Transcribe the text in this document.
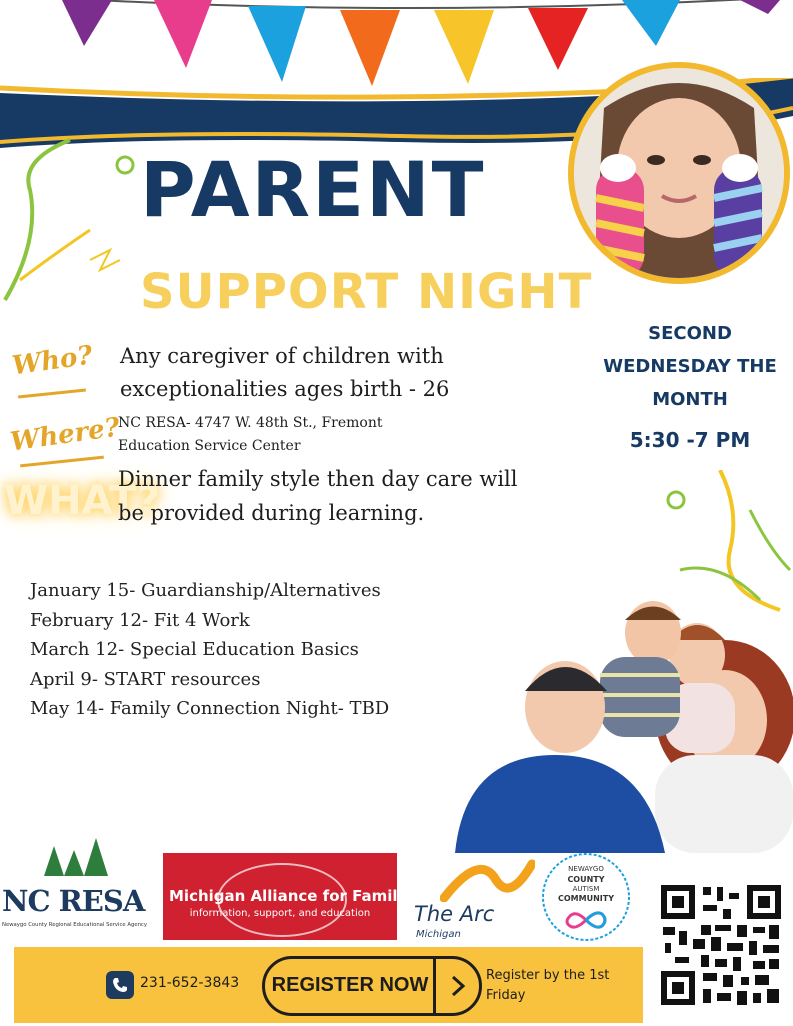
PARENT
SUPPORT NIGHT
Who? Any caregiver of children with exceptionalities ages birth - 26
Where?
NC RESA- 4747 W. 48th St., Fremont
Education Service Center
WHAT?
Dinner family style then day care will be provided during learning.
SECOND
WEDNESDAY THE
MONTH
5:30 -7 PM
January 15- Guardianship/Alternatives
February 12- Fit 4 Work
March 12- Special Education Basics
April 9- START resources
May 14- Family Connection Night- TBD
NC RESA
Newaygo County Regional Educational Service Agency
Michigan Alliance for Families
information, support, and education	The Arc
Michigan
NEWAYGO
COUNTY
AUTISM
COMMUNITY
231-652-3843	REGISTER NOW	Register by the 1st Friday
